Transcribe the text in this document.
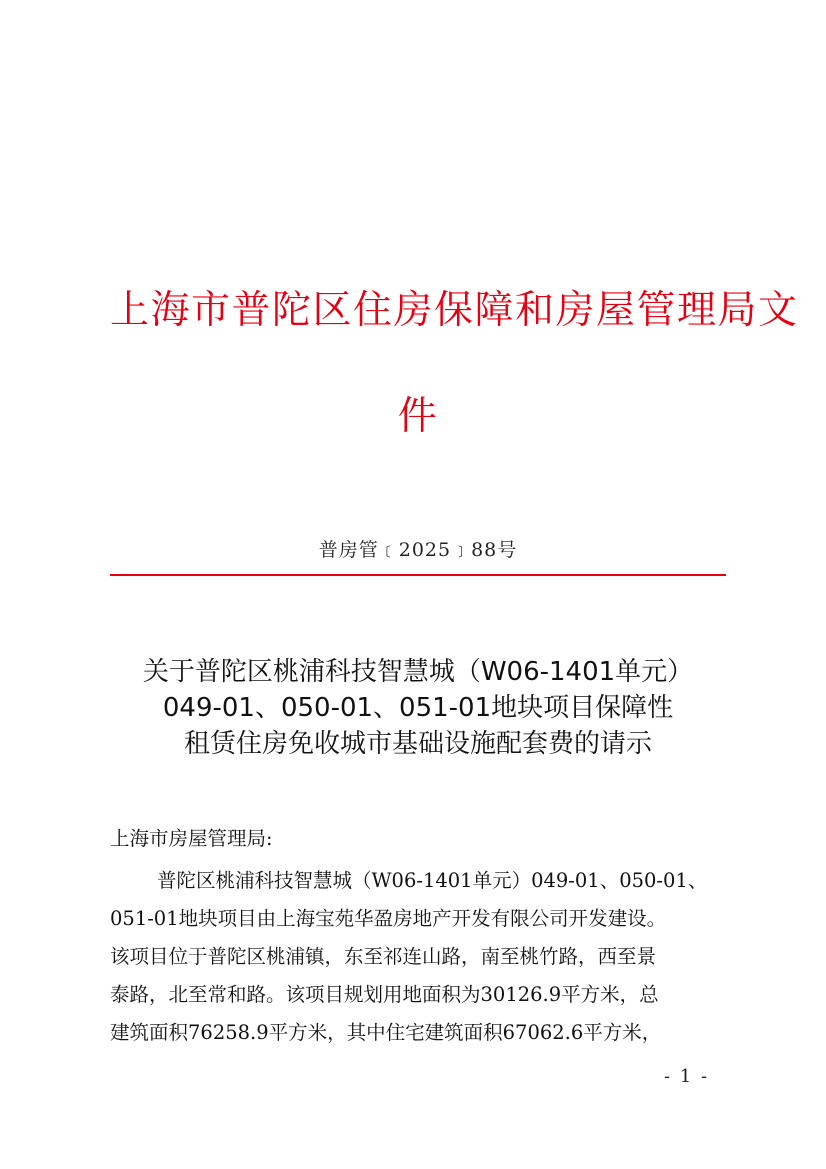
上海市普陀区住房保障和房屋管理局文
件
普房管﹝2025﹞88号
关于普陀区桃浦科技智慧城（W06-1401单元）
049-01、050-01、051-01地块项目保障性
租赁住房免收城市基础设施配套费的请示
上海市房屋管理局:
普陀区桃浦科技智慧城（W06-1401单元）049-01、050-01、
051-01地块项目由上海宝苑华盈房地产开发有限公司开发建设。
该项目位于普陀区桃浦镇，东至祁连山路，南至桃竹路，西至景
泰路，北至常和路。该项目规划用地面积为30126.9平方米，总
建筑面积76258.9平方米，其中住宅建筑面积67062.6平方米，
- 1 -
